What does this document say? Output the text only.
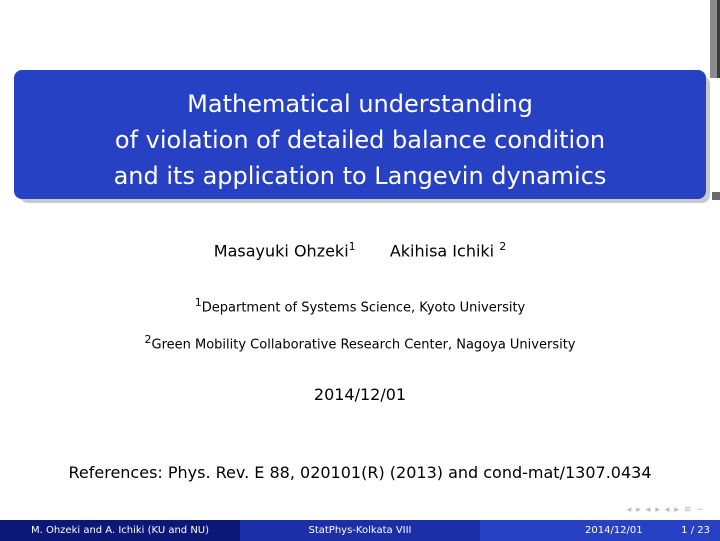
Mathematical understanding
of violation of detailed balance condition
and its application to Langevin dynamics
Masayuki Ohzeki$^1$ Akihisa Ichiki $^2$
$^1$Department of Systems Science, Kyoto University
$^2$Green Mobility Collaborative Research Center, Nagoya University
2014/12/01
References: Phys. Rev. E 88, 020101(R) (2013) and cond-mat/1307.0434
◂ ▸ ◂ ▸ ◂ ▸ ≡ ∽
M. Ohzeki and A. Ichiki (KU and NU)	StatPhys-Kolkata VIII	2014/12/01	1 / 23
